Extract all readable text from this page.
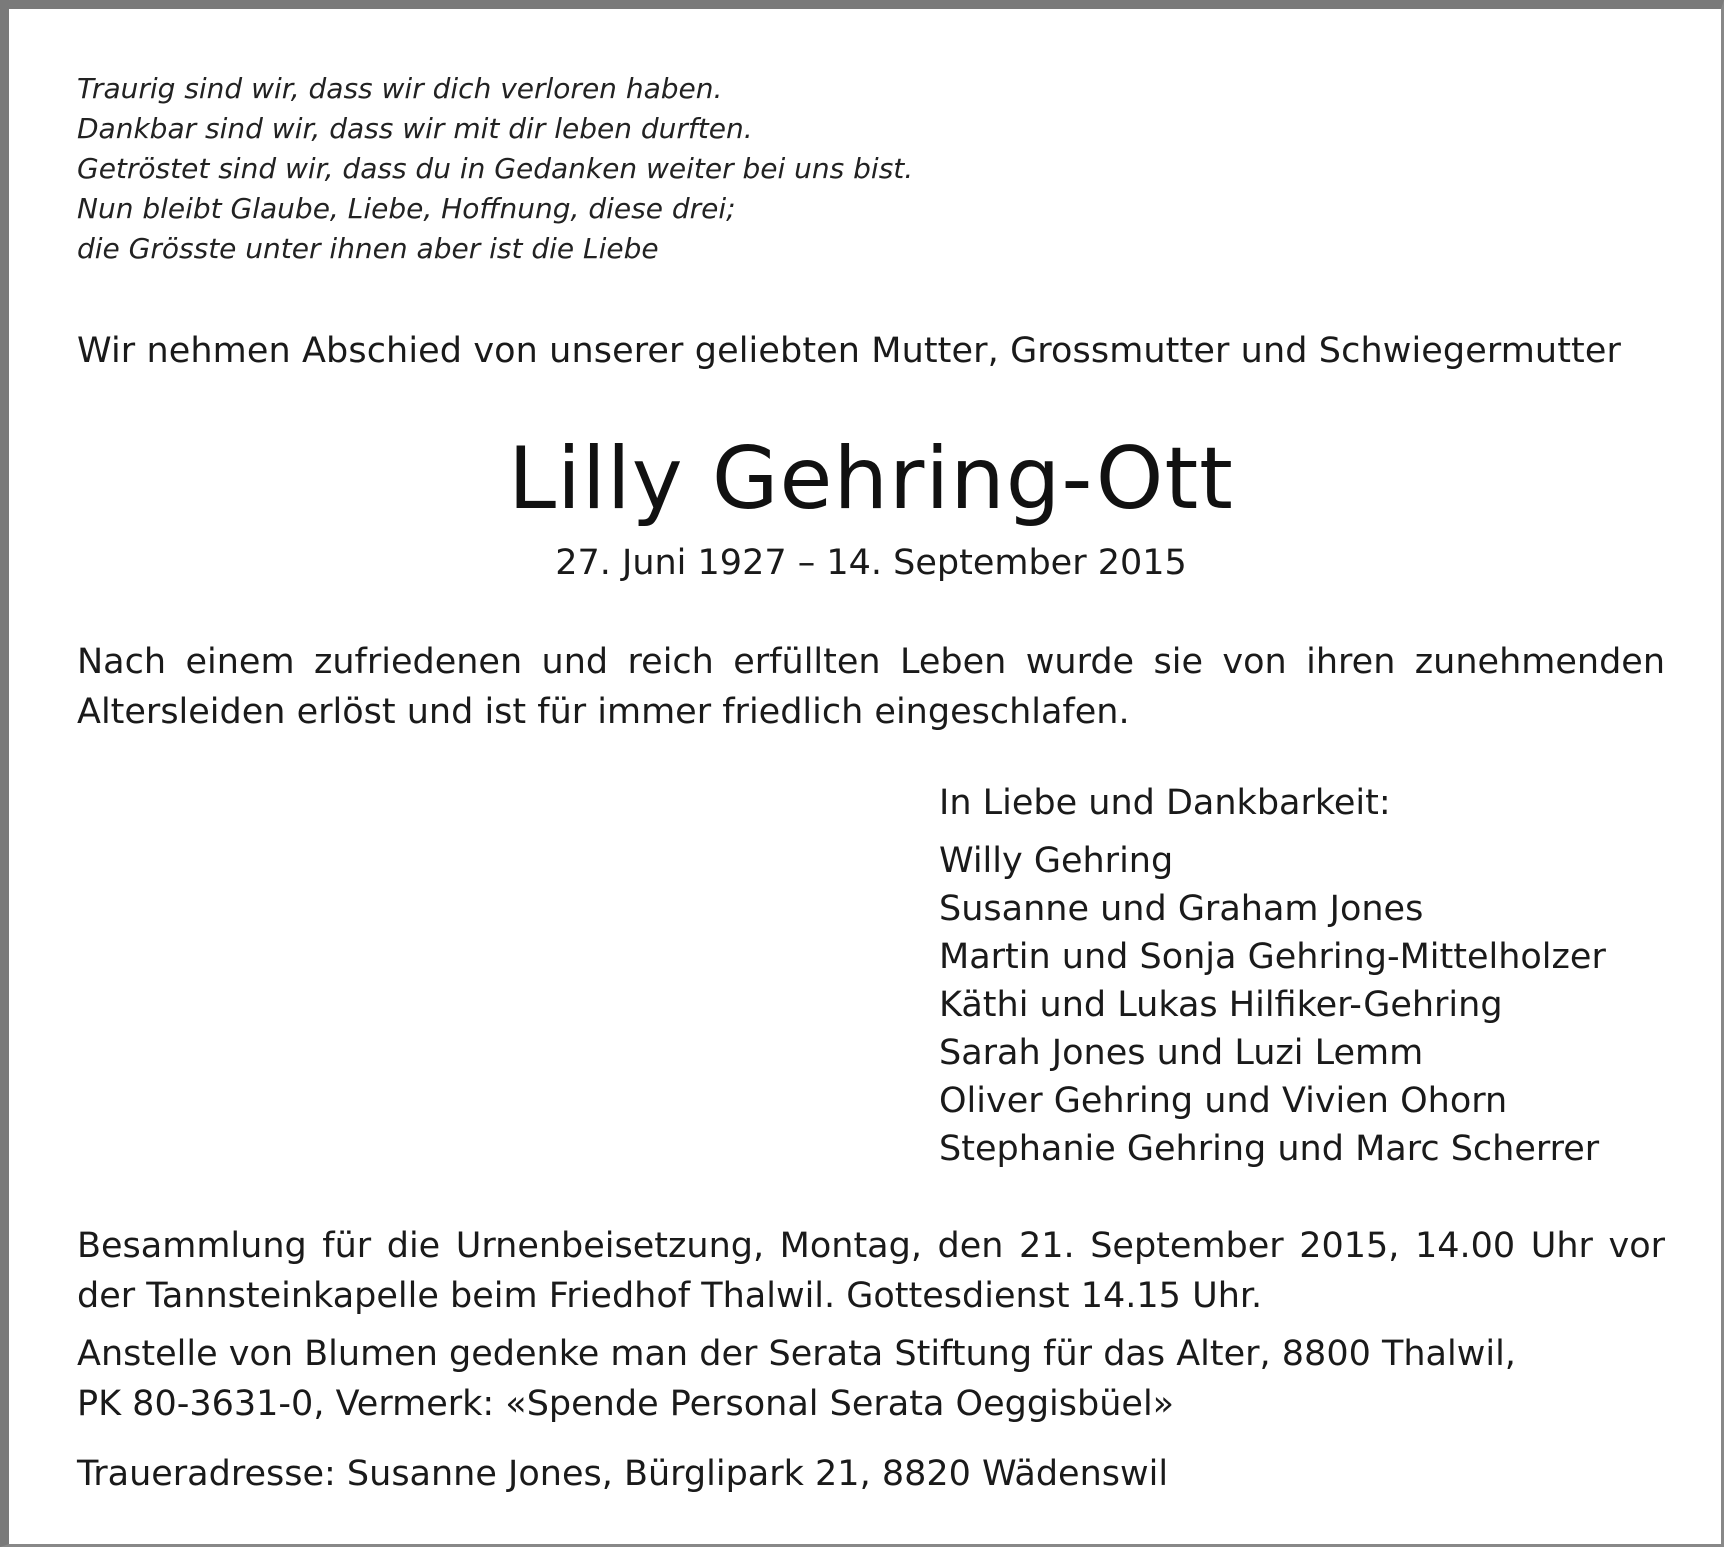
Traurig sind wir, dass wir dich verloren haben.
Dankbar sind wir, dass wir mit dir leben durften.
Getröstet sind wir, dass du in Gedanken weiter bei uns bist.
Nun bleibt Glaube, Liebe, Hoffnung, diese drei;
die Grösste unter ihnen aber ist die Liebe
Wir nehmen Abschied von unserer geliebten Mutter, Grossmutter und Schwiegermutter
Lilly Gehring-Ott
27. Juni 1927 – 14. September 2015
Nach einem zufriedenen und reich erfüllten Leben wurde sie von ihren zunehmenden
Altersleiden erlöst und ist für immer friedlich eingeschlafen.
In Liebe und Dankbarkeit:
Willy Gehring
Susanne und Graham Jones
Martin und Sonja Gehring-Mittelholzer
Käthi und Lukas Hilfiker-Gehring
Sarah Jones und Luzi Lemm
Oliver Gehring und Vivien Ohorn
Stephanie Gehring und Marc Scherrer
Besammlung für die Urnenbeisetzung, Montag, den 21. September 2015, 14.00 Uhr vor
der Tannsteinkapelle beim Friedhof Thalwil. Gottesdienst 14.15 Uhr.
Anstelle von Blumen gedenke man der Serata Stiftung für das Alter, 8800 Thalwil,
PK 80-3631-0, Vermerk: «Spende Personal Serata Oeggisbüel»
Traueradresse: Susanne Jones, Bürglipark 21, 8820 Wädenswil
